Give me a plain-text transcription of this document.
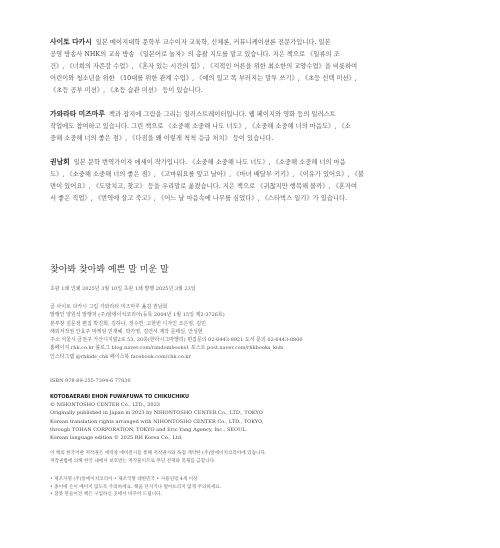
사이토 다카시 일본 메이지대학 문학부 교수이자 교육학, 신체론, 커뮤니케이션론 전문가입니다. 일본
공영 방송사 NHK의 교육 방송 《일본어로 놀자》의 총괄 지도를 맡고 있습니다. 지은 책으로 《일류의 조
건》, 《너희의 자존감 수업》, 《혼자 있는 시간의 힘》, 《지적인 어른을 위한 최소한의 교양수업》을 비롯하여
어린이와 청소년을 위한 《10대를 위한 관계 수업》, 《예의 있고 똑 부러지는 말투 쓰기》, 《초등 선택 미션》,
《초등 공부 미션》, 《초등 습관 미션》 등이 있습니다.
가와라타 미즈마루 책과 잡지에 그림을 그리는 일러스트레이터입니다. 웹 페이지와 영화 등의 일러스트
작업에도 참여하고 있습니다. 그린 책으로 《소중해 소중해 나도 너도》, 《소중해 소중해 너의 마음도》, 《소
중해 소중해 너의 좋은 점》, 《다짐을 왜 이렇게 척척 응급 처치》 등이 있습니다.
권남희 일본 문학 번역가이자 에세이 작가입니다. 《소중해 소중해 나도 너도》, 《소중해 소중해 너의 마음
도》, 《소중해 소중해 너의 좋은 점》, 《고마워요를 앞고 날아》, 《마녀 배달부 키키》, 《이유가 있어요》, 《불
면이 있어요》, 《도망치고, 찾고》 등을 우리말로 옮겼습니다. 지은 책으로 《귀찮지만 행복해 볼까》, 《혼자여
서 좋은 직업》, 《번역에 살고 죽고》, 《어느 날 마음속에 나무를 심었다》, 《스타벅스 일기》가 있습니다.
찾아봐 찾아봐 예쁜 말 미운 말
초판 1쇄 인쇄 2025년 3월 10일 초판 1쇄 발행 2025년 3월 23일
글 사이토 다카시 그림 가와라타 미즈마루 옮김 권남희
발행인 양원석 발행처 (주)알에이치코리아(등록 2004년 1월 15일 제2-3726호)
본부장 김문정 편집 박진희, 김하나, 정수연, 고한빈 디자인 조은영, 김민
해외저작권 안효주 마케팅 민재혜, 박가영, 김연서 제작 문태일, 안성현
주소 서울시 금천구 가산디지털2로 53, 20층(한라시그마밸리) 편집문의 02-6443-8921 도서 문의 02-6443-8800
홈페이지 rhk.co.kr 블로그 blog.naver.com/randombooks1 포스트 post.naver.com/rhkbooks_kids
인스타그램 @rhkids_chk 페이스북 facebook.com/chk.co.kr
ISBN 978-89-255-7394-6 77830
KOTOBAERABI EHON FUWAFUWA TO CHIKUCHIKU
© NIHONTOSHO CENTER Co., LTD., 2023
Originally published in Japan in 2023 by NIHONTOSHO CENTER Co., LTD., TOKYO
Korean translation rights arranged with NIHONTOSHO CENTER Co., LTD., TOKYO,
through TOHAN CORPORATION, TOKYO and Eric Yang Agency, Inc., SEOUL.
Korean language edition © 2025 RH Korea Co., Ltd.
이 책의 한국어판 저작권은 에릭양 에이전시를 통해 저작권사와 독점 계약한 (주)알에이치코리아에 있습니다.
저작권법에 의해 한국 내에서 보호받는 저작물이므로 무단 전재와 복제를 금합니다.
• 제조자명 (주)알에이치코리아 • 제조국명 대한민국 • 사용연령 4세 이상
• 종이에 손이 베이지 않도록 주의하세요. 책을 던지거나 떨어뜨리지 않게 주의하세요.
• 잘못 만들어진 책은 구입하신 곳에서 바꾸어 드립니다.
